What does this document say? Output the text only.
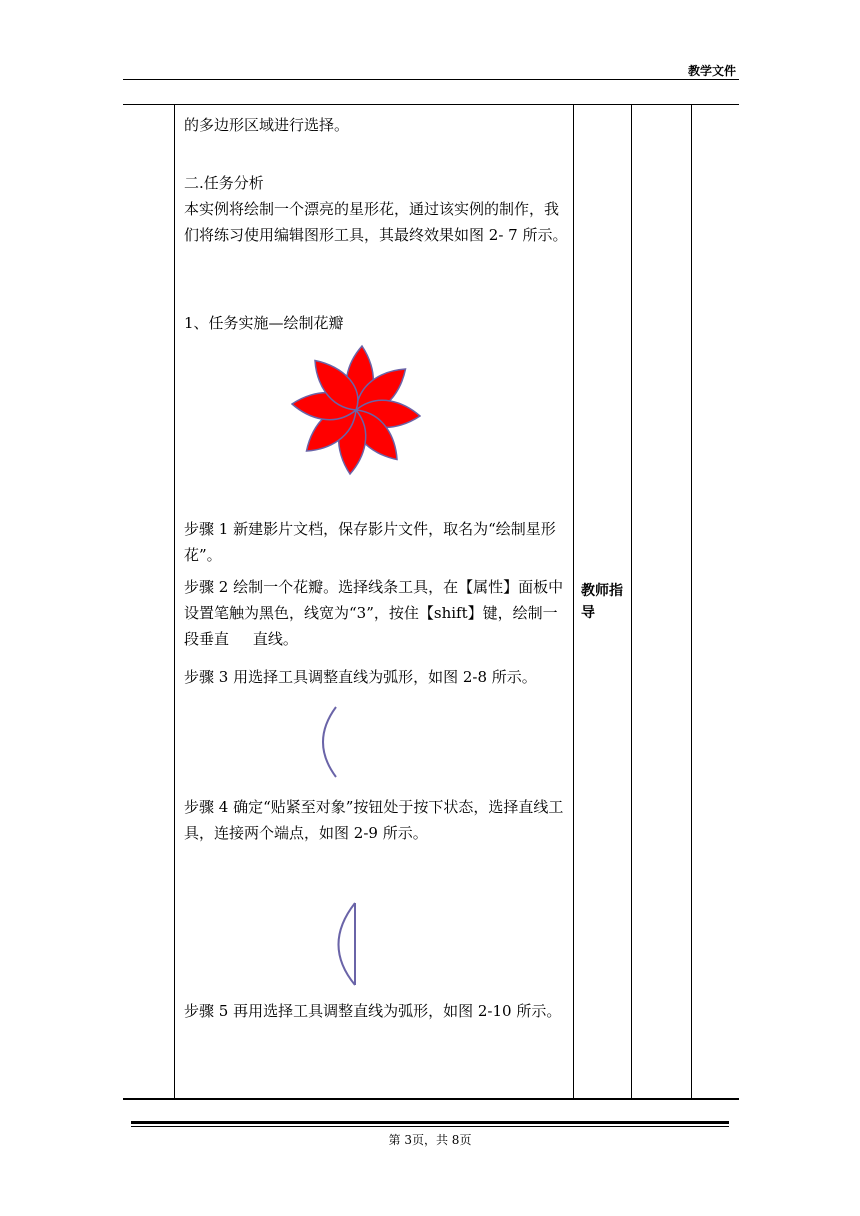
教学文件
的多边形区域进行选择。
二.任务分析
本实例将绘制一个漂亮的星形花，通过该实例的制作，我们将练习使用编辑图形工具，其最终效果如图 2- 7 所示。
1、任务实施—绘制花瓣
步骤 1 新建影片文档，保存影片文件，取名为“绘制星形花”。
步骤 2 绘制一个花瓣。选择线条工具，在【属性】面板中设置笔触为黑色，线宽为“3”，按住【shift】键，绘制一段垂直     直线。
步骤 3 用选择工具调整直线为弧形，如图 2-8 所示。
步骤 4 确定“贴紧至对象”按钮处于按下状态，选择直线工具，连接两个端点，如图 2-9 所示。
步骤 5 再用选择工具调整直线为弧形，如图 2-10 所示。
教师指导
第 3页，共 8页
